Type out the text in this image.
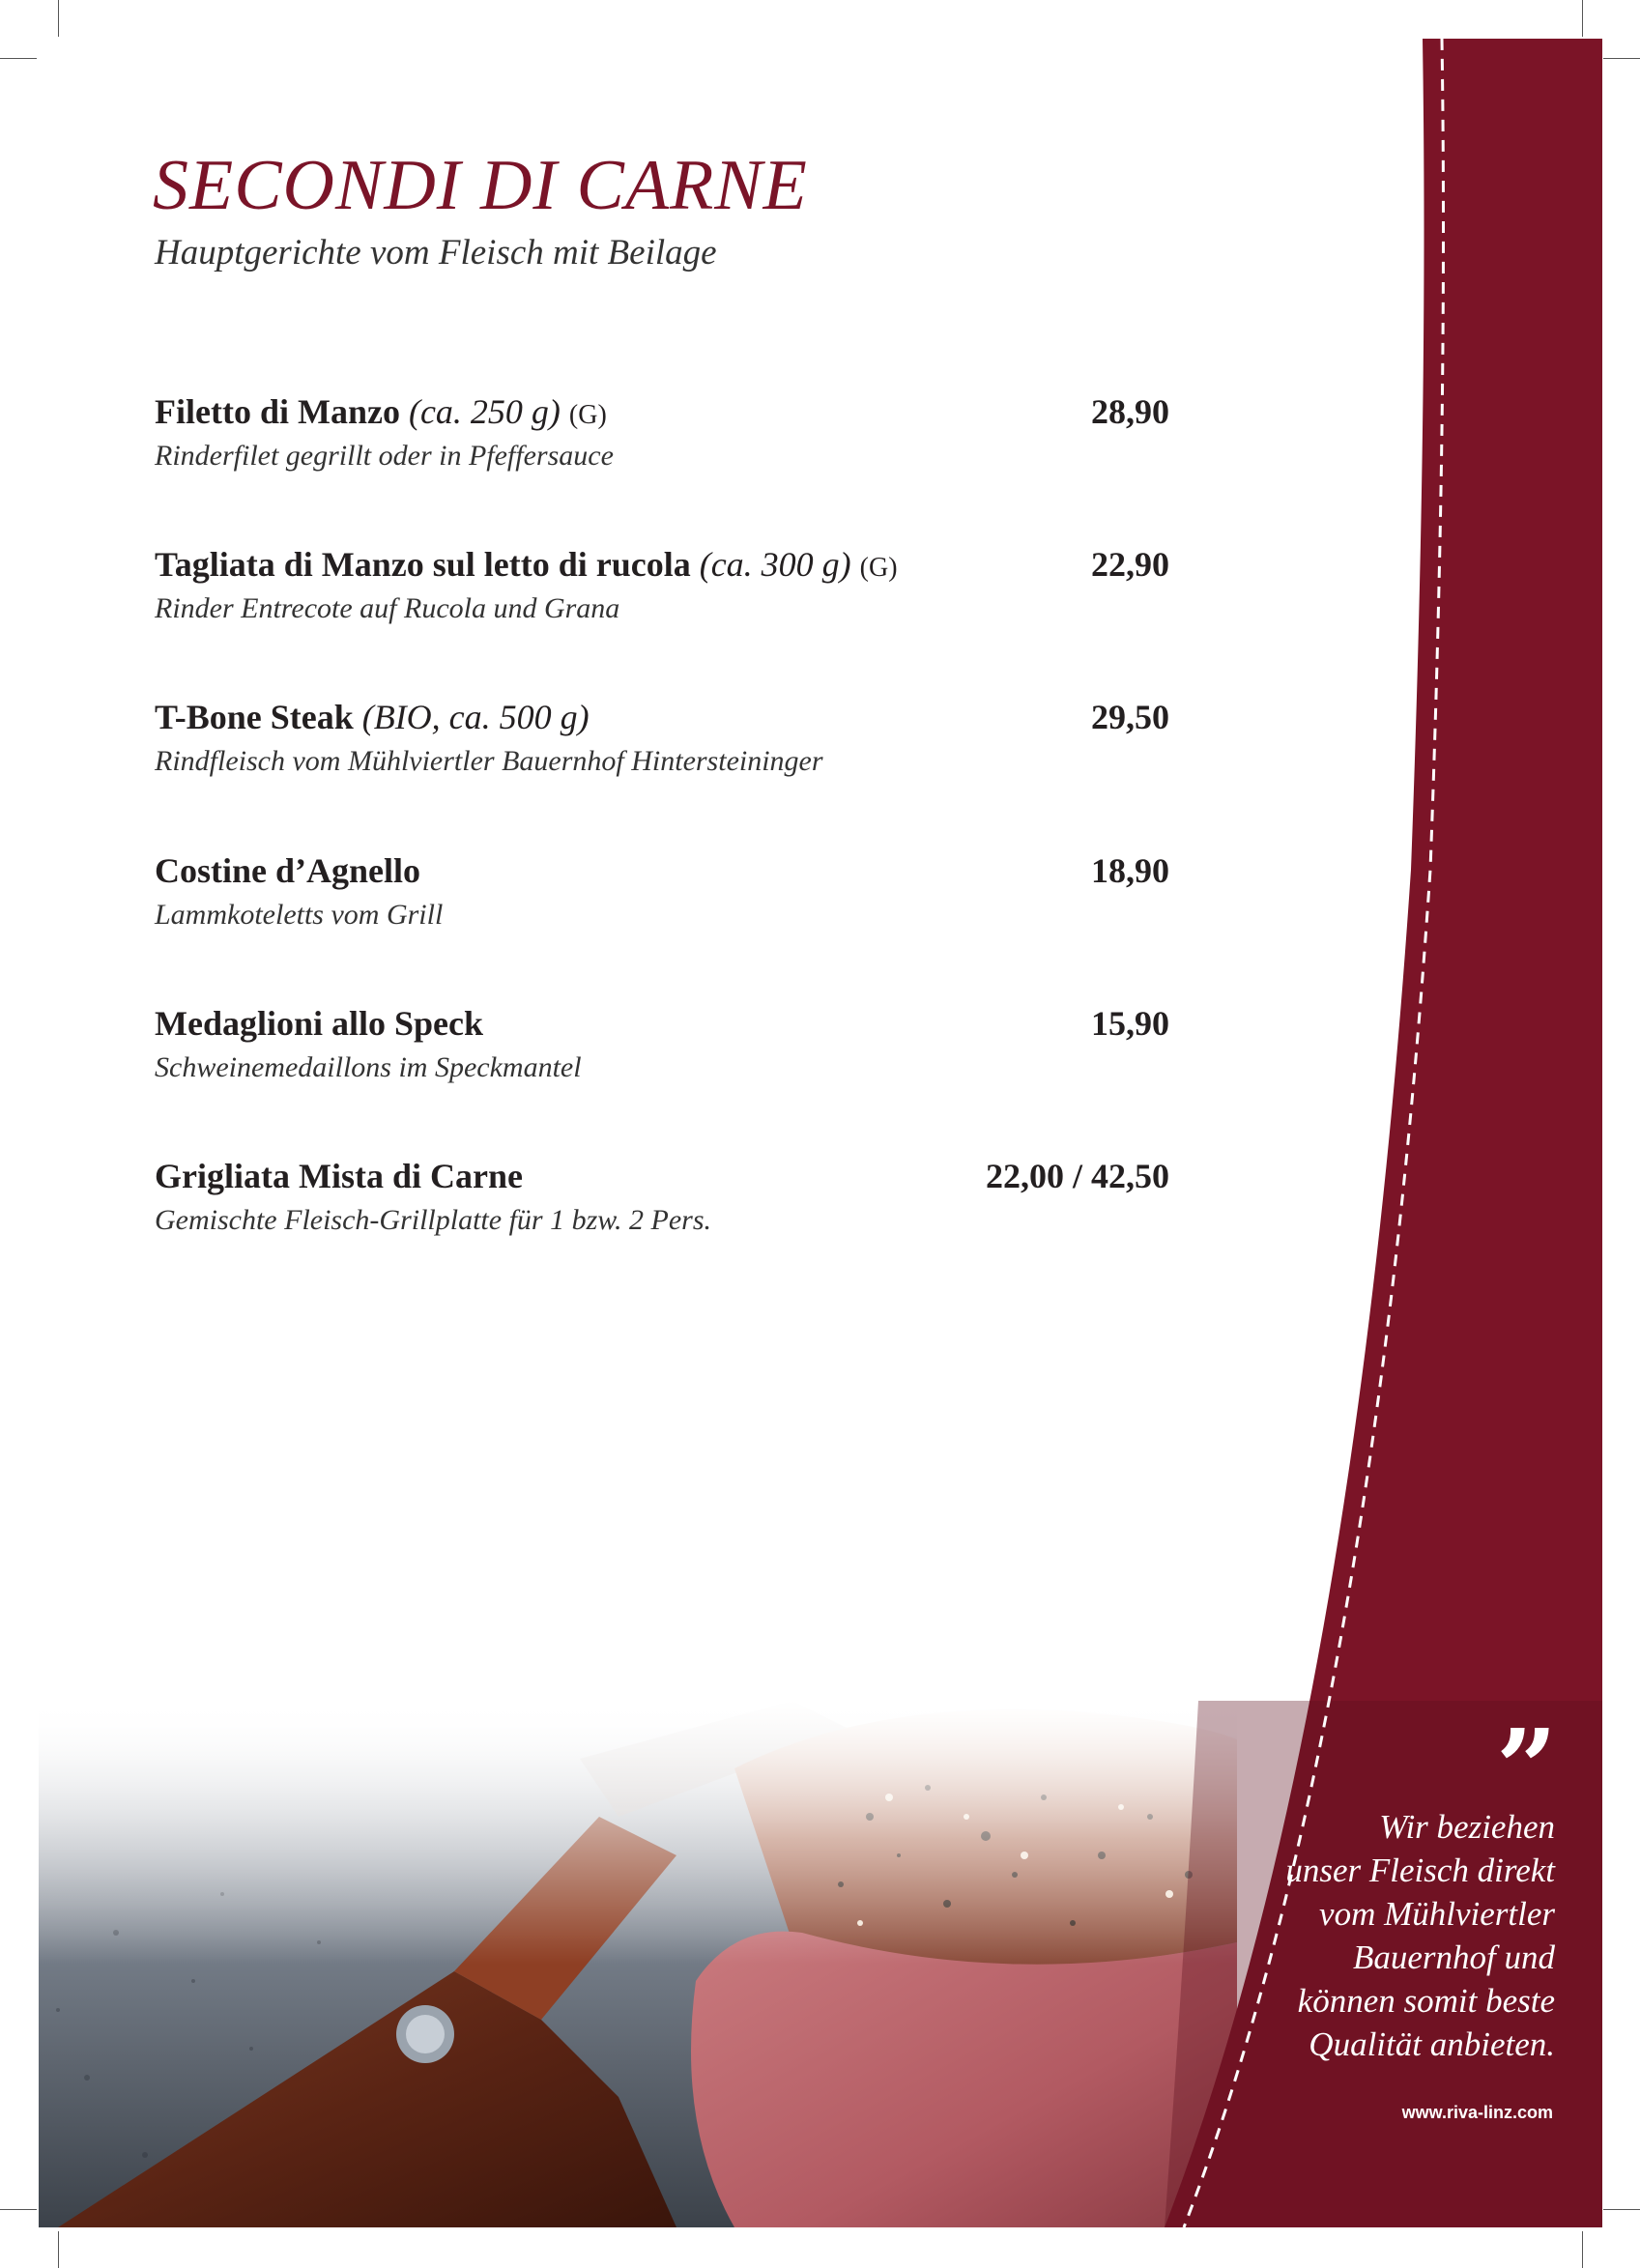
SECONDI DI CARNE
Hauptgerichte vom Fleisch mit Beilage
Filetto di Manzo (ca. 250 g) (G)	28,90
Rinderfilet gegrillt oder in Pfeffersauce
Tagliata di Manzo sul letto di rucola (ca. 300 g) (G)	22,90
Rinder Entrecote auf Rucola und Grana
T-Bone Steak (BIO, ca. 500 g)	29,50
Rindfleisch vom Mühlviertler Bauernhof Hintersteininger
Costine d’Agnello	18,90
Lammkoteletts vom Grill
Medaglioni allo Speck	15,90
Schweinemedaillons im Speckmantel
Grigliata Mista di Carne	22,00 / 42,50
Gemischte Fleisch-Grillplatte für 1 bzw. 2 Pers.
”
Wir beziehen
unser Fleisch direkt
vom Mühlviertler
Bauernhof und
können somit beste
Qualität anbieten.
www.riva-linz.com
